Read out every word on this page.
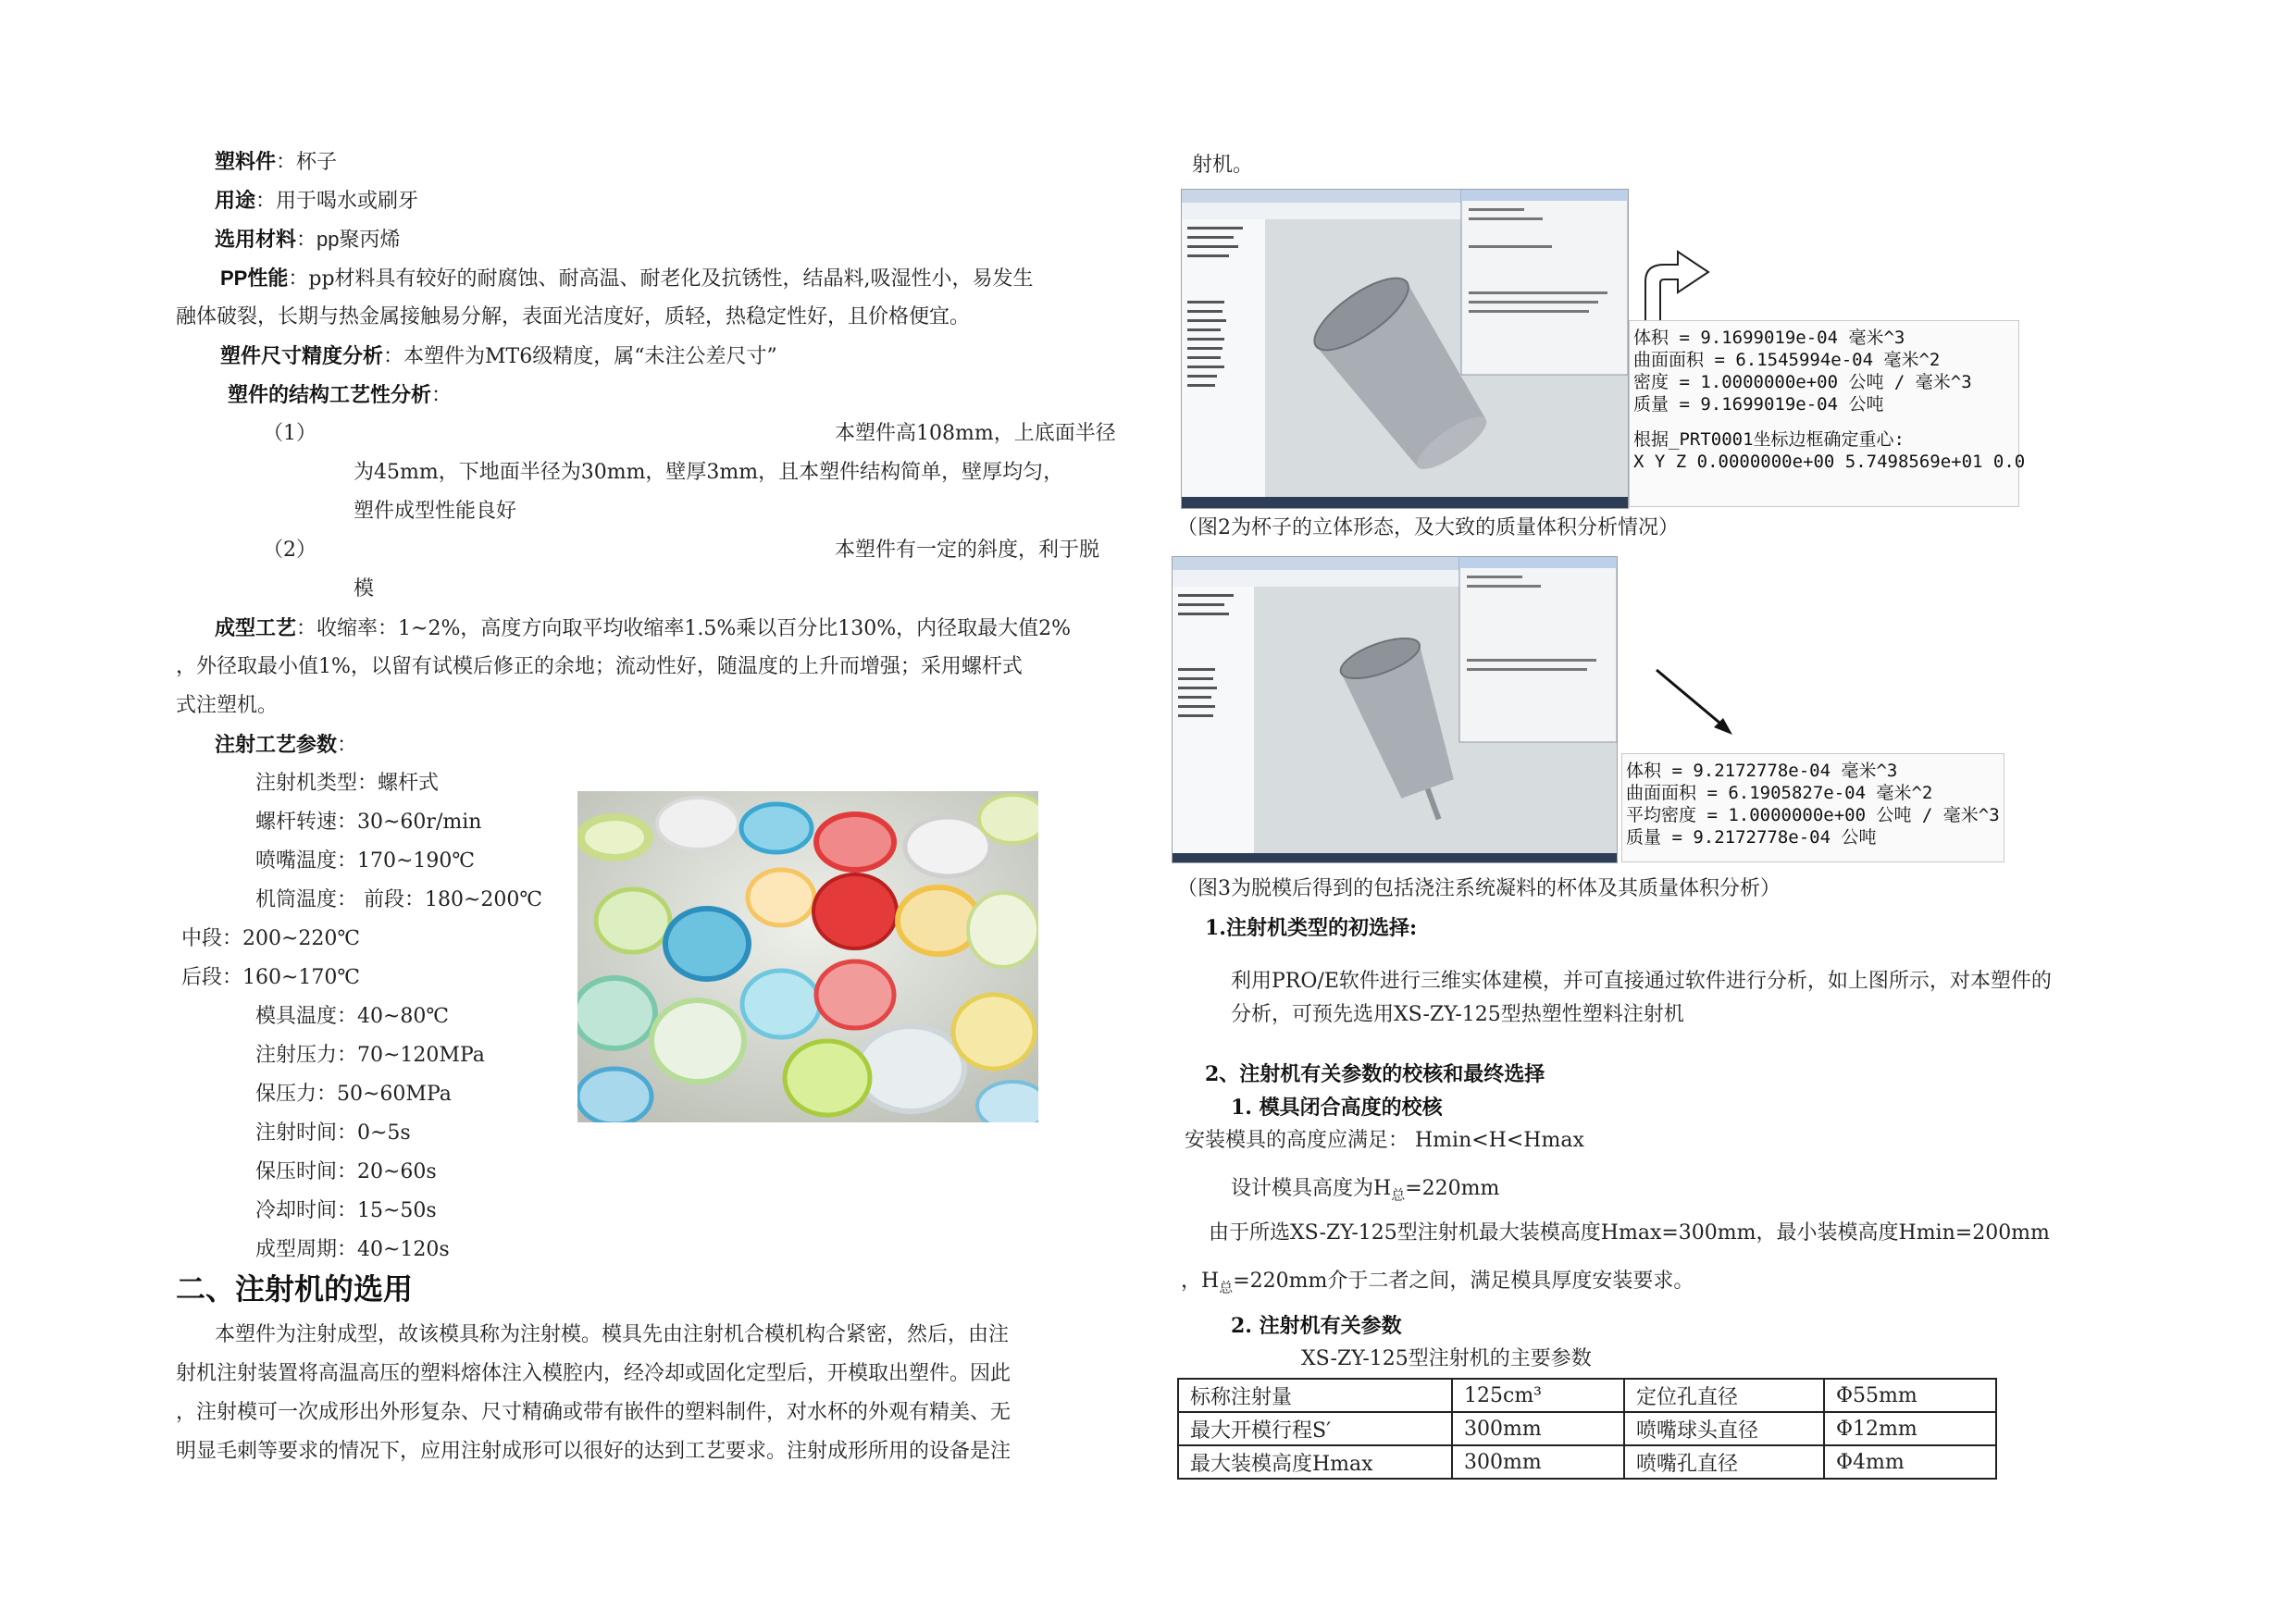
塑料件：杯子
用途：用于喝水或刷牙
选用材料：pp聚丙烯
PP性能：pp材料具有较好的耐腐蚀、耐高温、耐老化及抗锈性，结晶料,吸湿性小，易发生
融体破裂，长期与热金属接触易分解，表面光洁度好，质轻，热稳定性好，且价格便宜。
塑件尺寸精度分析：本塑件为MT6级精度，属“未注公差尺寸”
塑件的结构工艺性分析：
（1）	本塑件高108mm，上底面半径
为45mm，下地面半径为30mm，壁厚3mm，且本塑件结构简单，壁厚均匀，
塑件成型性能良好
（2）	本塑件有一定的斜度，利于脱
模
成型工艺：收缩率：1~2%，高度方向取平均收缩率1.5%乘以百分比130%，内径取最大值2%
，外径取最小值1%，以留有试模后修正的余地；流动性好，随温度的上升而增强；采用螺杆式
式注塑机。
注射工艺参数：
注射机类型：螺杆式
螺杆转速：30~60r/min
喷嘴温度：170~190℃
机筒温度： 前段：180~200℃
中段：200~220℃
后段：160~170℃
模具温度：40~80℃
注射压力：70~120MPa
保压力：50~60MPa
注射时间：0~5s
保压时间：20~60s
冷却时间：15~50s
成型周期：40~120s
二、注射机的选用
本塑件为注射成型，故该模具称为注射模。模具先由注射机合模机构合紧密，然后，由注
射机注射装置将高温高压的塑料熔体注入模腔内，经冷却或固化定型后，开模取出塑件。因此
，注射模可一次成形出外形复杂、尺寸精确或带有嵌件的塑料制件，对水杯的外观有精美、无
明显毛刺等要求的情况下，应用注射成形可以很好的达到工艺要求。注射成形所用的设备是注
射机。
体积 = 9.1699019e-04 毫米^3
曲面面积 = 6.1545994e-04 毫米^2
密度 = 1.0000000e+00 公吨 / 毫米^3
质量 = 9.1699019e-04 公吨
根据_PRT0001坐标边框确定重心:
X Y Z 0.0000000e+00 5.7498569e+01 0.0
（图2为杯子的立体形态，及大致的质量体积分析情况）
体积 = 9.2172778e-04 毫米^3
曲面面积 = 6.1905827e-04 毫米^2
平均密度 = 1.0000000e+00 公吨 / 毫米^3
质量 = 9.2172778e-04 公吨
（图3为脱模后得到的包括浇注系统凝料的杯体及其质量体积分析）
1.注射机类型的初选择:
利用PRO/E软件进行三维实体建模，并可直接通过软件进行分析，如上图所示，对本塑件的
分析，可预先选用XS-ZY-125型热塑性塑料注射机
2、注射机有关参数的校核和最终选择
1. 模具闭合高度的校核
安装模具的高度应满足： Hmin<H<Hmax
设计模具高度为$H_总=220mm$
由于所选XS-ZY-125型注射机最大装模高度Hmax=300mm，最小装模高度Hmin=200mm
，$H_总=220mm$介于二者之间，满足模具厚度安装要求。
2. 注射机有关参数
XS-ZY-125型注射机的主要参数
标称注射量	125cm³	定位孔直径	Φ55mm
最大开模行程S′	300mm	喷嘴球头直径	Φ12mm
最大装模高度Hmax	300mm	喷嘴孔直径	Φ4mm
